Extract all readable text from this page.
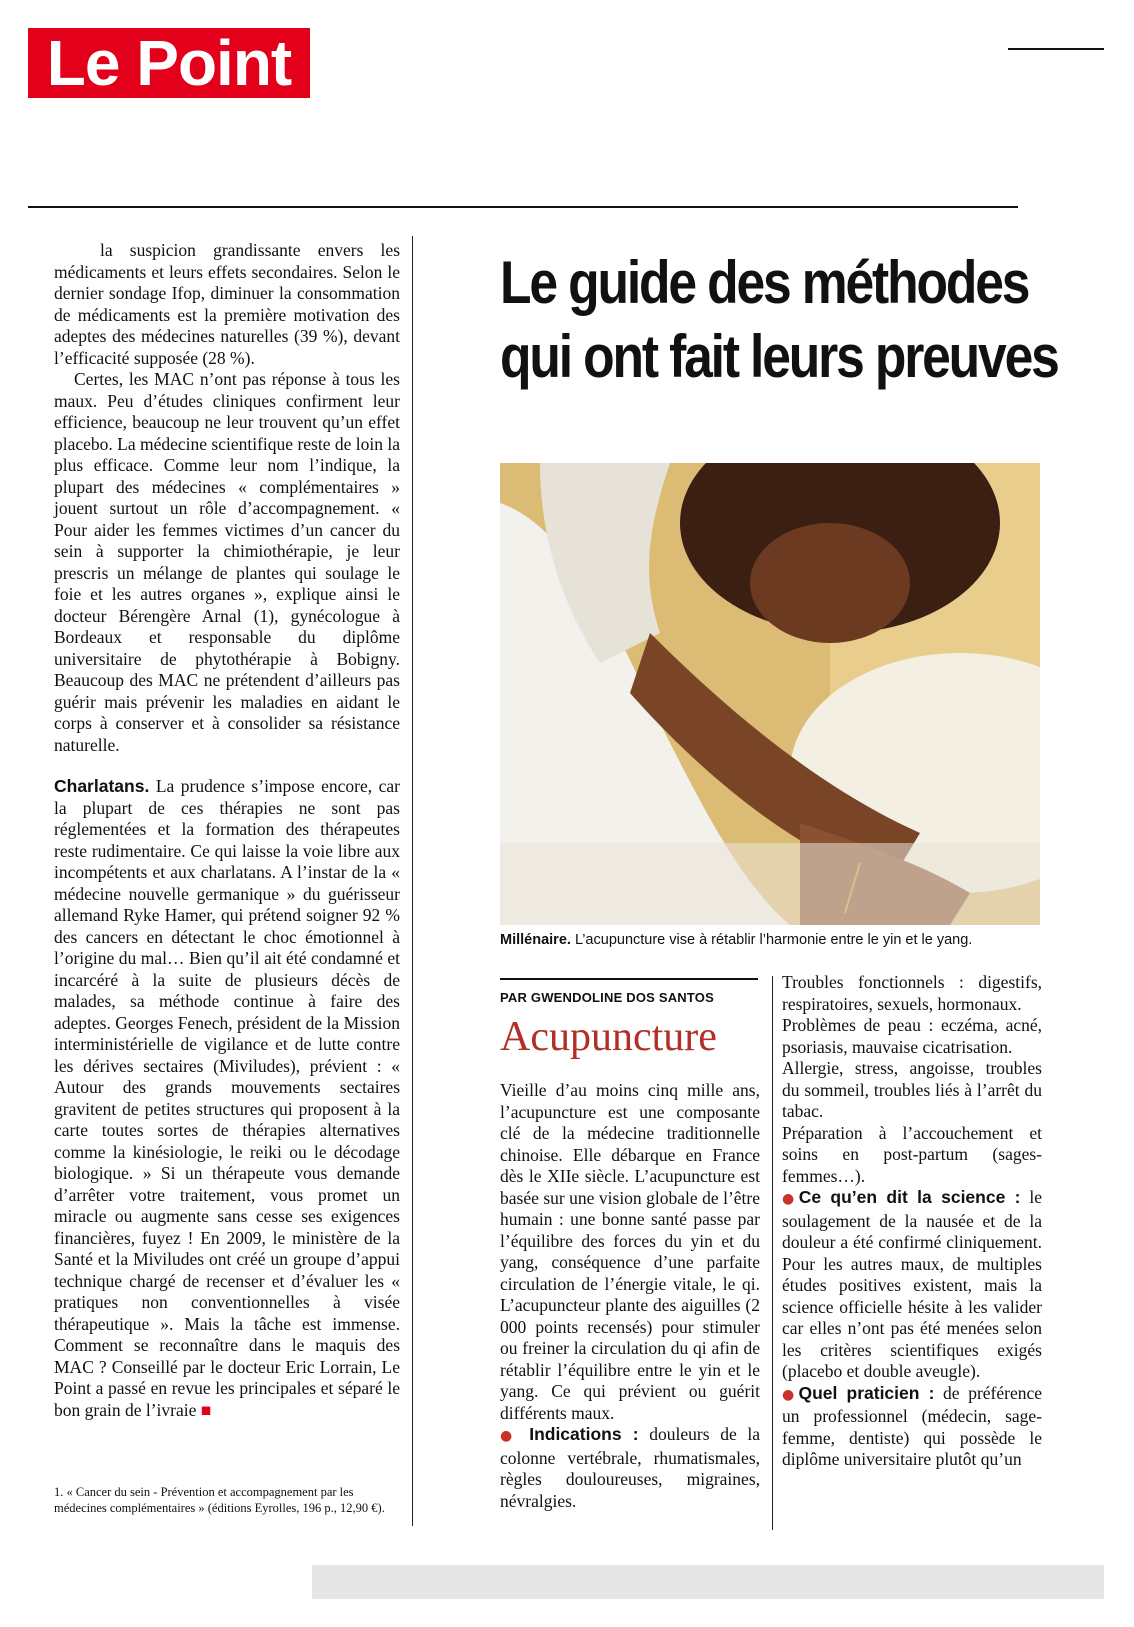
Le Point

la suspicion grandissante envers les médicaments et leurs effets secondaires. Selon le dernier sondage Ifop, diminuer la consommation de médicaments est la première motivation des adeptes des médecines naturelles (39 %), devant l’efficacité supposée (28 %).

Certes, les MAC n’ont pas réponse à tous les maux. Peu d’études cliniques confirment leur efficience, beaucoup ne leur trouvent qu’un effet placebo. La médecine scientifique reste de loin la plus efficace. Comme leur nom l’indique, la plupart des médecines « complémentaires » jouent surtout un rôle d’accompagnement. « Pour aider les femmes victimes d’un cancer du sein à supporter la chimiothérapie, je leur prescris un mélange de plantes qui soulage le foie et les autres organes », explique ainsi le docteur Bérengère Arnal (1), gynécologue à Bordeaux et responsable du diplôme universitaire de phytothérapie à Bobigny. Beaucoup des MAC ne prétendent d’ailleurs pas guérir mais prévenir les maladies en aidant le corps à conserver et à consolider sa résistance naturelle.

Charlatans. La prudence s’impose encore, car la plupart de ces thérapies ne sont pas réglementées et la formation des thérapeutes reste rudimentaire. Ce qui laisse la voie libre aux incompétents et aux charlatans. A l’instar de la « médecine nouvelle germanique » du guérisseur allemand Ryke Hamer, qui prétend soigner 92 % des cancers en détectant le choc émotionnel à l’origine du mal… Bien qu’il ait été condamné et incarcéré à la suite de plusieurs décès de malades, sa méthode continue à faire des adeptes. Georges Fenech, président de la Mission interministérielle de vigilance et de lutte contre les dérives sectaires (Miviludes), prévient : « Autour des grands mouvements sectaires gravitent de petites structures qui proposent à la carte toutes sortes de thérapies alternatives comme la kinésiologie, le reiki ou le décodage biologique. » Si un thérapeute vous demande d’arrêter votre traitement, vous promet un miracle ou augmente sans cesse ses exigences financières, fuyez ! En 2009, le ministère de la Santé et la Miviludes ont créé un groupe d’appui technique chargé de recenser et d’évaluer les « pratiques non conventionnelles à visée thérapeutique ». Mais la tâche est immense. Comment se reconnaître dans le maquis des MAC ? Conseillé par le docteur Eric Lorrain, Le Point a passé en revue les principales et séparé le bon grain de l’ivraie ■

1. « Cancer du sein - Prévention et accompagnement par les médecines complémentaires » (éditions Eyrolles, 196 p., 12,90 €).
Le guide des méthodes
qui ont fait leurs preuves
Millénaire. L’acupuncture vise à rétablir l’harmonie entre le yin et le yang.
PAR GWENDOLINE DOS SANTOS
Acupuncture

Vieille d’au moins cinq mille ans, l’acupuncture est une composante clé de la médecine traditionnelle chinoise. Elle débarque en France dès le XIIe siècle. L’acupuncture est basée sur une vision globale de l’être humain : une bonne santé passe par l’équilibre des forces du yin et du yang, conséquence d’une parfaite circulation de l’énergie vitale, le qi. L’acupuncteur plante des aiguilles (2 000 points recensés) pour stimuler ou freiner la circulation du qi afin de rétablir l’équilibre entre le yin et le yang. Ce qui prévient ou guérit différents maux.

● Indications : douleurs de la colonne vertébrale, rhumatismales, règles douloureuses, migraines, névralgies.

Troubles fonctionnels : digestifs, respiratoires, sexuels, hormonaux.

Problèmes de peau : eczéma, acné, psoriasis, mauvaise cicatrisation.

Allergie, stress, angoisse, troubles du sommeil, troubles liés à l’arrêt du tabac.

Préparation à l’accouchement et soins en post-partum (sages-femmes…).

●Ce qu’en dit la science : le soulagement de la nausée et de la douleur a été confirmé cliniquement. Pour les autres maux, de multiples études positives existent, mais la science officielle hésite à les valider car elles n’ont pas été menées selon les critères scientifiques exigés (placebo et double aveugle).

●Quel praticien : de préférence un professionnel (médecin, sage-femme, dentiste) qui possède le diplôme universitaire plutôt qu’un
